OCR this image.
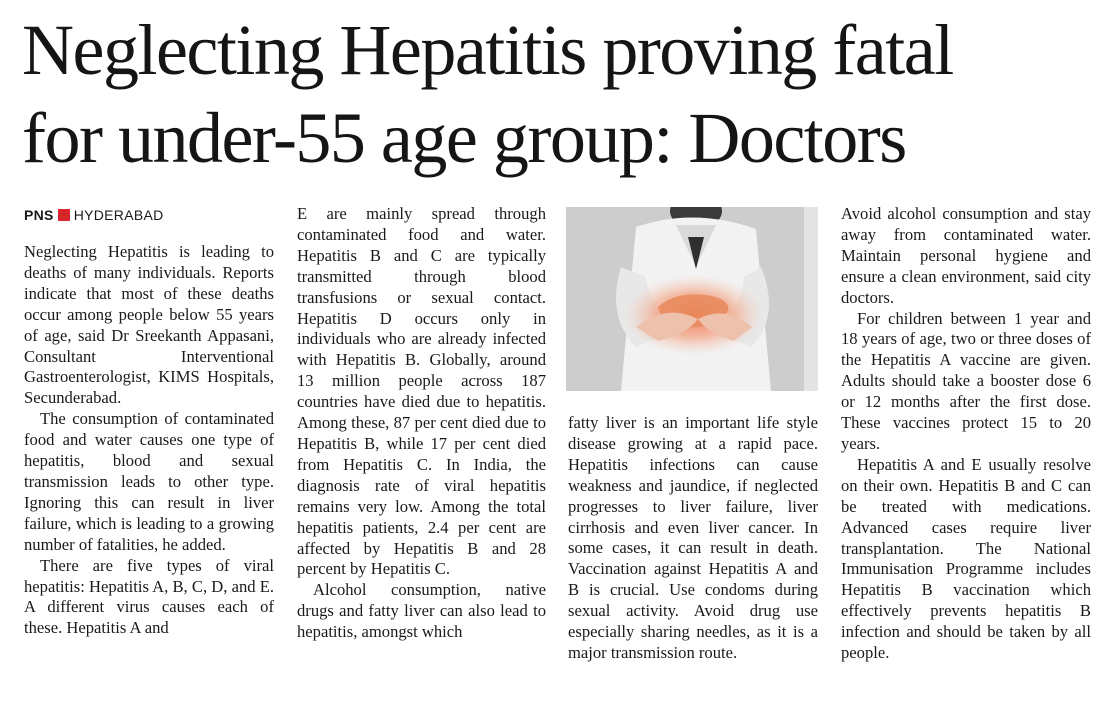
Neglecting Hepatitis proving fatal
for under-55 age group: Doctors
PNS HYDERABAD

Neglecting Hepatitis is leading to deaths of many individuals. Reports indicate that most of these deaths occur among people below 55 years of age, said Dr Sreekanth Appasani, Consultant Interventional Gastroenterologist, KIMS Hospitals, Secunderabad.

The consumption of contaminated food and water causes one type of hepatitis, blood and sexual transmission leads to other type. Ignoring this can result in liver failure, which is leading to a growing number of fatalities, he added.

There are five types of viral hepatitis: Hepatitis A, B, C, D, and E. A different virus causes each of these. Hepatitis A and

E are mainly spread through contaminated food and water. Hepatitis B and C are typically transmitted through blood transfusions or sexual contact. Hepatitis D occurs only in individuals who are already infected with Hepatitis B. Globally, around 13 million people across 187 countries have died due to hepatitis. Among these, 87 per cent died due to Hepatitis B, while 17 per cent died from Hepatitis C. In India, the diagnosis rate of viral hepatitis remains very low. Among the total hepatitis patients, 2.4 per cent are affected by Hepatitis B and 28 percent by Hepatitis C.

Alcohol consumption, native drugs and fatty liver can also lead to hepatitis, amongst which

fatty liver is an important life style disease growing at a rapid pace. Hepatitis infections can cause weakness and jaundice, if neglected progresses to liver failure, liver cirrhosis and even liver cancer. In some cases, it can result in death. Vaccination against Hepatitis A and B is crucial. Use condoms during sexual activity. Avoid drug use especially sharing needles, as it is a major transmission route.

Avoid alcohol consumption and stay away from contaminated water. Maintain personal hygiene and ensure a clean environment, said city doctors.

For children between 1 year and 18 years of age, two or three doses of the Hepatitis A vaccine are given. Adults should take a booster dose 6 or 12 months after the first dose. These vaccines protect 15 to 20 years.

Hepatitis A and E usually resolve on their own. Hepatitis B and C can be treated with medications. Advanced cases require liver transplantation. The National Immunisation Programme includes Hepatitis B vaccination which effectively prevents hepatitis B infection and should be taken by all people.
